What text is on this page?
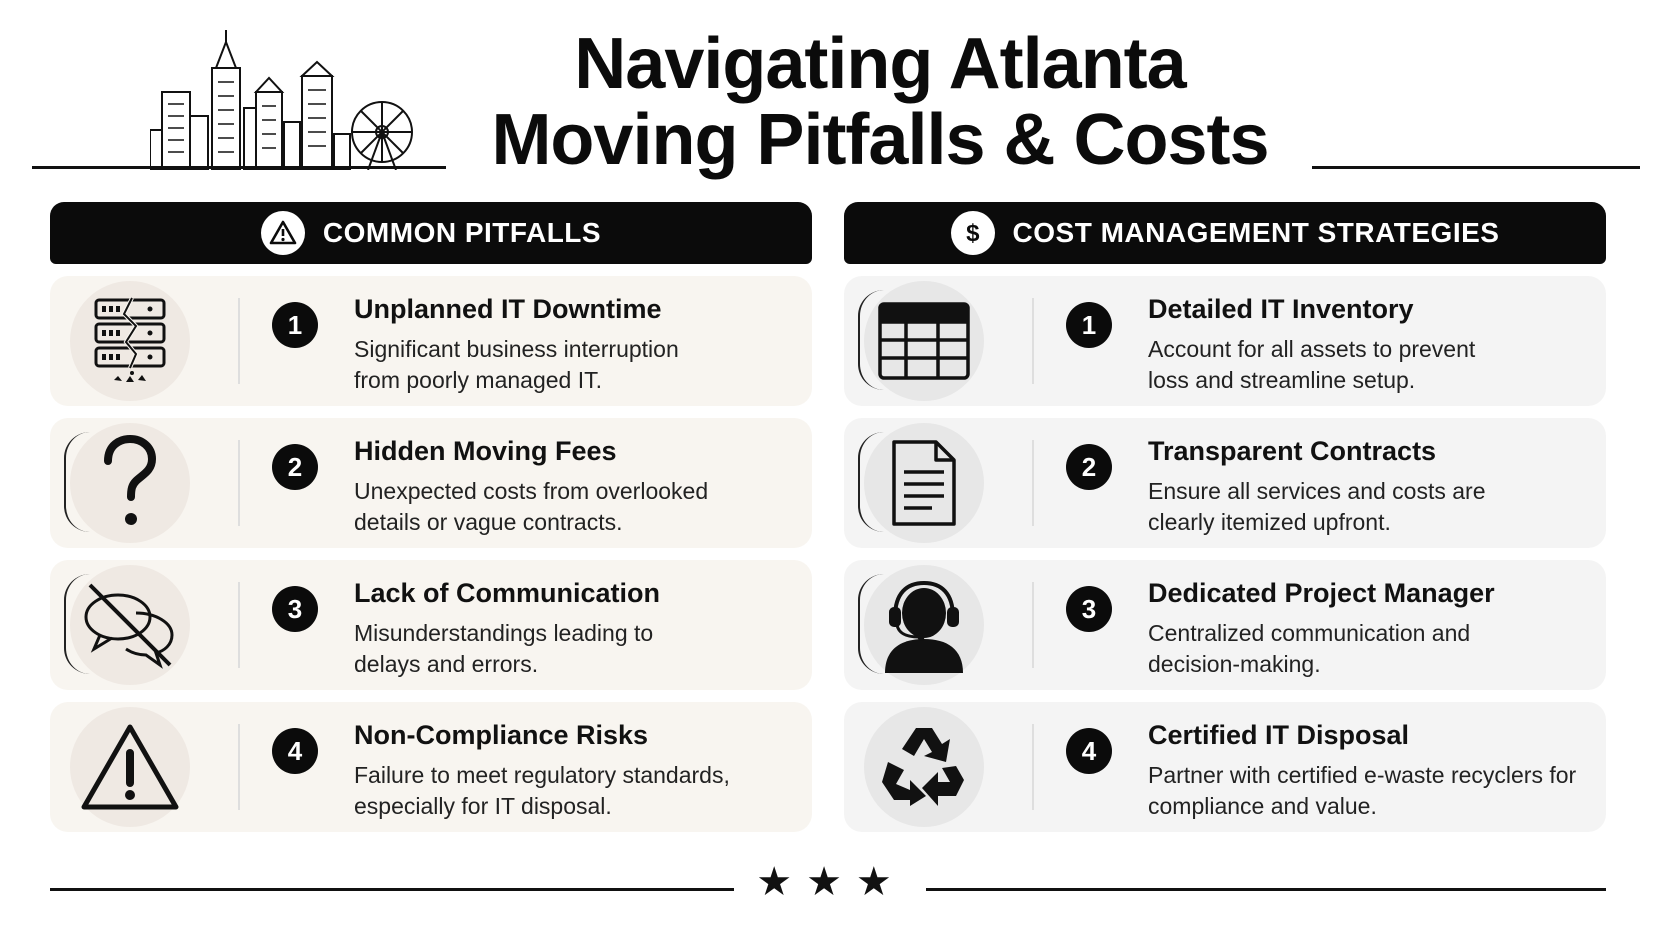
Navigating Atlanta
Moving Pitfalls & Costs
COMMON PITFALLS
1
Unplanned IT Downtime
Significant business interruption from poorly managed IT.
2
Hidden Moving Fees
Unexpected costs from overlooked details or vague contracts.
3
Lack of Communication
Misunderstandings leading to delays and errors.
4
Non-Compliance Risks
Failure to meet regulatory standards, especially for IT disposal.
$ COST MANAGEMENT STRATEGIES
1
Detailed IT Inventory
Account for all assets to prevent loss and streamline setup.
2
Transparent Contracts
Ensure all services and costs are clearly itemized upfront.
3
Dedicated Project Manager
Centralized communication and decision-making.
4
Certified IT Disposal
Partner with certified e-waste recyclers for compliance and value.
★★★
